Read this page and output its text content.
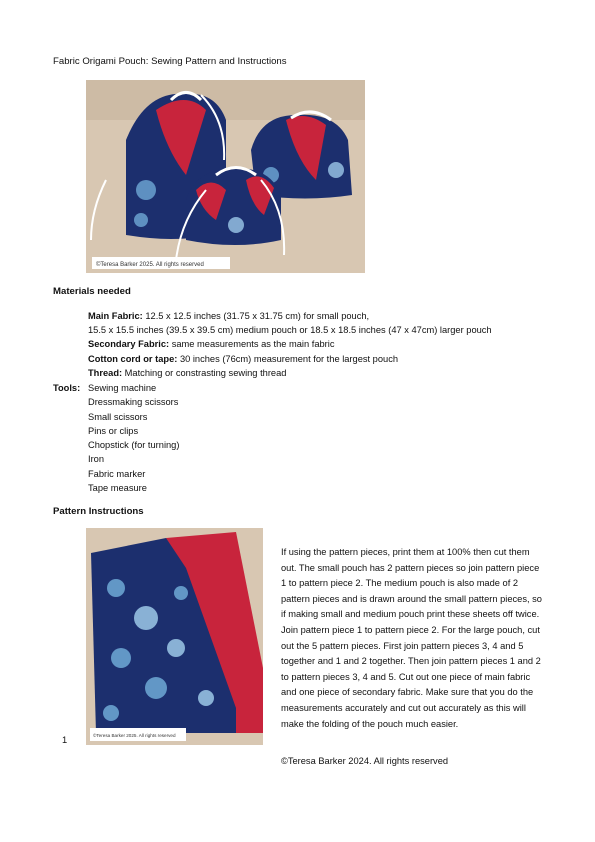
Fabric Origami Pouch: Sewing Pattern and Instructions
©Teresa Barker 2025. All rights reserved
Materials needed
Main Fabric: 12.5 x 12.5 inches (31.75 x 31.75 cm) for small pouch,
15.5 x 15.5 inches (39.5 x 39.5 cm) medium pouch or 18.5 x 18.5 inches (47 x 47cm) larger pouch
Secondary Fabric: same measurements as the main fabric
Cotton cord or tape: 30 inches (76cm) measurement for the largest pouch
Thread: Matching or constrasting sewing thread
Tools: Sewing machine
Dressmaking scissors
Small scissors
Pins or clips
Chopstick (for turning)
Iron
Fabric marker
Tape measure
Pattern Instructions
©Teresa Barker 2025. All rights reserved
1
If using the pattern pieces, print them at 100% then cut them out. The small pouch has 2 pattern pieces so join pattern piece 1 to pattern piece 2. The medium pouch is also made of 2 pattern pieces and is drawn around the small pattern pieces, so if making small and medium pouch print these sheets off twice. Join pattern piece 1 to pattern piece 2. For the large pouch, cut out the 5 pattern pieces. First join pattern pieces 3, 4 and 5 together and 1 and 2 together. Then join pattern pieces 1 and 2 to pattern pieces 3, 4 and 5. Cut out one piece of main fabric and one piece of secondary fabric. Make sure that you do the measurements accurately and cut out accurately as this will make the folding of the pouch much easier.
©Teresa Barker 2024. All rights reserved
